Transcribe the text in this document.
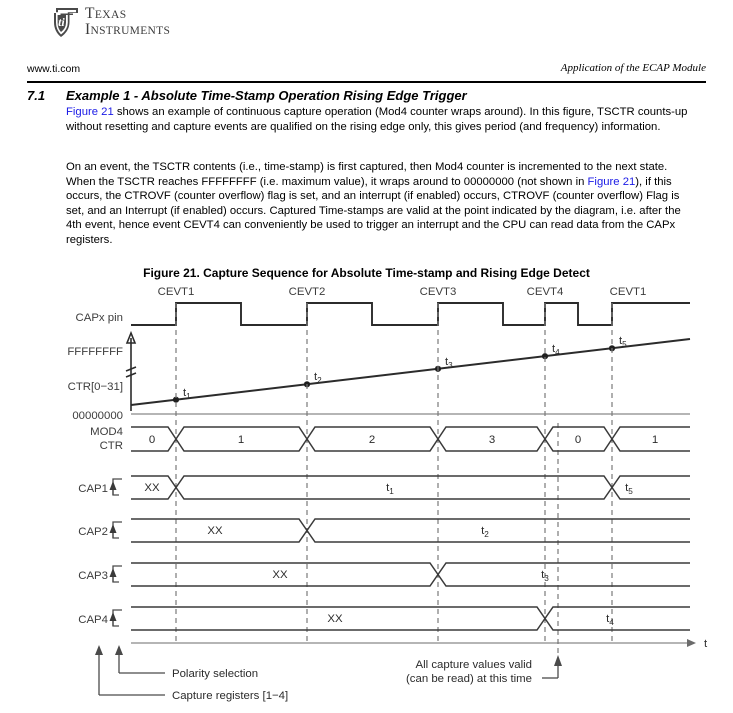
ti TEXAS
INSTRUMENTS
www.ti.com	Application of the ECAP Module
7.1 Example 1 - Absolute Time-Stamp Operation Rising Edge Trigger
Figure 21 shows an example of continuous capture operation (Mod4 counter wraps around). In this figure, TSCTR counts-up without resetting and capture events are qualified on the rising edge only, this gives period (and frequency) information.
On an event, the TSCTR contents (i.e., time-stamp) is first captured, then Mod4 counter is incremented to the next state. When the TSCTR reaches FFFFFFFF (i.e. maximum value), it wraps around to 00000000 (not shown in Figure 21), if this occurs, the CTROVF (counter overflow) flag is set, and an interrupt (if enabled) occurs, CTROVF (counter overflow) Flag is set, and an Interrupt (if enabled) occurs. Captured Time-stamps are valid at the point indicated by the diagram, i.e. after the 4th event, hence event CEVT4 can conveniently be used to trigger an interrupt and the CPU can read data from the CAPx registers.
Figure 21. Capture Sequence for Absolute Time-stamp and Rising Edge Detect
CEVT1	CEVT2	CEVT3	CEVT4	CEVT1
CAPx pin
FFFFFFFF
CTR[0−31]
00000000
$t_1$
$t_2$
$t_3$
$t_4$
$t_5$
t
MOD4
CTR 0	1	2	3	0	1
CAP1	XX	$t_1$	$t_5$
CAP2	XX	$t_2$
CAP3	XX	$t_3$
CAP4	XX	$t_4$
Polarity selection
Capture registers [1−4]
All capture values valid
(can be read) at this time
